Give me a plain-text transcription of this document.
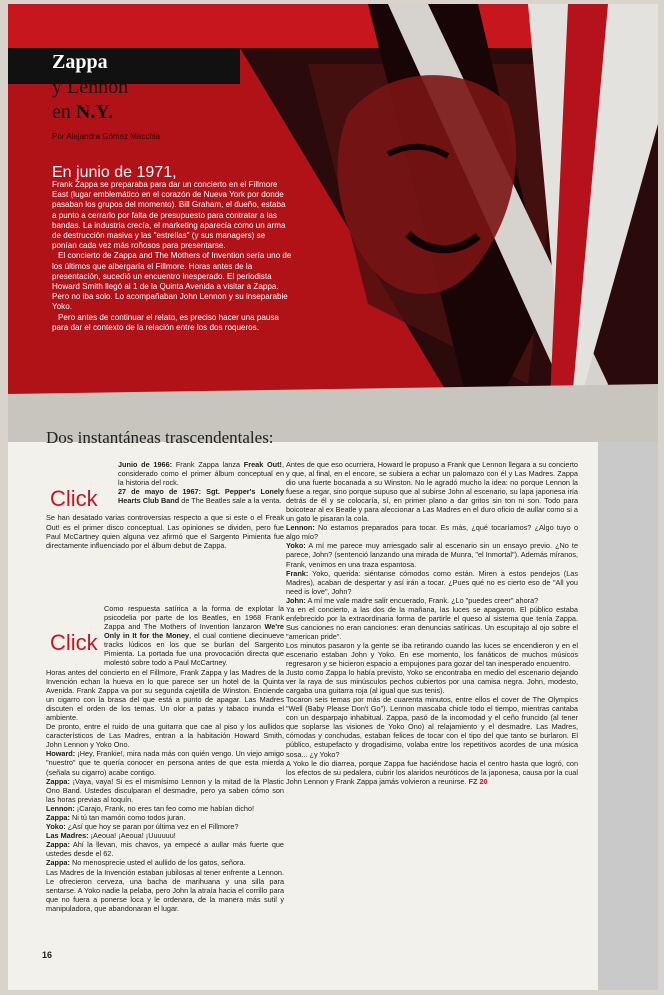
Zappa
y Lennon
en N.Y.
Por Alejandra Gómez Macchia
En junio de 1971,

Frank Zappa se preparaba para dar un concierto en el Fillmore East (lugar emblemático en el corazón de Nueva York por donde pasaban los grupos del momento). Bill Graham, el dueño, estaba a punto a cerrarlo por falta de presupuesto para contratar a las bandas. La industria crecía, el marketing aparecía como un arma de destrucción masiva y las "estrellas" (y sus managers) se ponían cada vez más roñosos para presentarse.

El concierto de Zappa and The Mothers of Invention sería uno de los últimos que albergaría el Fillmore. Horas antes de la presentación, sucedió un encuentro inesperado. El periodista Howard Smith llegó al 1 de la Quinta Avenida a visitar a Zappa. Pero no iba solo. Lo acompañaban John Lennon y su inseparable Yoko.

Pero antes de continuar el relato, es preciso hacer una pausa para dar el contexto de la relación entre los dos roqueros.

Dos instantáneas trascendentales:

Junio de 1966: Frank Zappa lanza Freak Out!, considerado como el primer álbum conceptual en la historia del rock.
27 de mayo de 1967: Sgt. Pepper's Lonely Hearts Club Band de The Beatles sale a la venta.

Click

Se han desatado varias controversias respecto a que si este o el Freak Out! es el primer disco conceptual. Las opiniones se dividen, pero fue Paul McCartney quien alguna vez afirmó que el Sargento Pimienta fue directamente influenciado por el álbum debut de Zappa.

Click

Como respuesta satírica a la forma de explotar la psicodelia por parte de los Beatles, en 1968 Frank Zappa and The Mothers of Invention lanzaron We're Only in It for the Money, el cual contiene diecinueve tracks lúdicos en los que se burlan del Sargento Pimienta. La portada fue una provocación directa que molestó sobre todo a Paul McCartney.

Horas antes del concierto en el Fillmore, Frank Zappa y las Madres de la Invención echan la hueva en lo que parece ser un hotel de la Quinta Avenida. Frank Zappa va por su segunda cajetilla de Winston. Enciende un cigarro con la brasa del que está a punto de apagar. Las Madres discuten el orden de los temas. Un olor a patas y tabaco inunda el ambiente.

De pronto, entre el ruido de una guitarra que cae al piso y los aullidos característicos de Las Madres, entran a la habitación Howard Smith, John Lennon y Yoko Ono.

Howard: ¡Hey, Frankie!, mira nada más con quién vengo. Un viejo amigo "nuestro" que te quería conocer en persona antes de que esta mierda (señala su cigarro) acabe contigo.

Zappa: ¡Vaya, vaya! Si es el mismísimo Lennon y la mitad de la Plastic Ono Band. Ustedes disculparan el desmadre, pero ya saben cómo son las horas previas al toquín.

Lennon: ¡Carajo, Frank, no eres tan feo como me habían dicho!

Zappa: Ni tú tan mamón como todos juran.

Yoko: ¿Así que hoy se paran por última vez en el Fillmore?

Las Madres: ¡Aeoua! ¡Aeoua! ¡Uuuuuu!

Zappa: Ahí la llevan, mis chavos, ya empecé a aullar más fuerte que ustedes desde el 62.

Zappa: No menosprecie usted el aullido de los gatos, señora.

Las Madres de la Invención estaban jubilosas al tener enfrente a Lennon. Le ofrecieron cerveza, una bacha de marihuana y una silla para sentarse. A Yoko nadie la pelaba, pero John la atraía hacia el corrillo para que no fuera a ponerse loca y le ordenara, de la manera más sutil y manipuladora, que abandonaran el lugar.

Antes de que eso ocurriera, Howard le propuso a Frank que Lennon llegara a su concierto y que, al final, en el encore, se subiera a echar un palomazo con él y Las Madres. Zappa dio una fuerte bocanada a su Winston. No le agradó mucho la idea: no porque Lennon la fuese a regar, sino porque supuso que al subirse John al escenario, su lapa japonesa iría detrás de él y se colocaría, sí, en primer plano a dar gritos sin ton ni son. Todo para boicotear al ex Beatle y para aleccionar a Las Madres en el duro oficio de aullar como si a un gato le pisaran la cola.

Lennon: No estamos preparados para tocar. Es más, ¿qué tocaríamos? ¿Algo tuyo o algo mío?

Yoko: A mí me parece muy arriesgado salir al escenario sin un ensayo previo. ¿No te parece, John? (sentenció lanzando una mirada de Munra, "el Inmortal"). Además míranos, Frank, venimos en una traza espantosa.

Frank: Yoko, querida: siéntanse cómodos como están. Miren a estos pendejos (Las Madres), acaban de despertar y así irán a tocar. ¿Pues qué no es cierto eso de "All you need is love", John?

John: A mí me vale madre salir encuerado, Frank. ¿Lo "puedes creer" ahora?

Ya en el concierto, a las dos de la mañana, las luces se apagaron. El público estaba enfebrecido por la extraordinaria forma de partirle el queso al sistema que tenía Zappa. Sus canciones no eran canciones: eran denuncias satíricas. Un escupitajo al ojo sobre el "american pride".

Los minutos pasaron y la gente se iba retirando cuando las luces se encendieron y en el escenario estaban John y Yoko. En ese momento, los fanáticos de muchos músicos regresaron y se hicieron espacio a empujones para gozar del tan inesperado encuentro.

Justo como Zappa lo había previsto, Yoko se encontraba en medio del escenario dejando ver la raya de sus minúsculos pechos cubiertos por una camisa negra. John, modesto, cargaba una guitarra roja (al igual que sus tenis).

Tocaron seis temas por más de cuarenta minutos, entre ellos el cover de The Olympics "Well (Baby Please Don't Go"). Lennon mascaba chicle todo el tiempo, mientras cantaba con un desparpajo inhabitual. Zappa, pasó de la incomodad y el ceño fruncido (al tener que soplarse las visiones de Yoko Ono) al relajamiento y el desmadre. Las Madres, cómodas y conchudas, estaban felices de tocar con el tipo del que tanto se burlaron. El público, estupefacto y drogadísimo, volaba entre los repetitivos acordes de una música sosa... ¿y Yoko?

A Yoko le dio diarrea, porque Zappa fue haciéndose hacia el centro hasta que logró, con los efectos de su pedalera, cubrir los alaridos neuróticos de la japonesa, causa por la cual John Lennon y Frank Zappa jamás volvieron a reunirse. FZ 20

16
